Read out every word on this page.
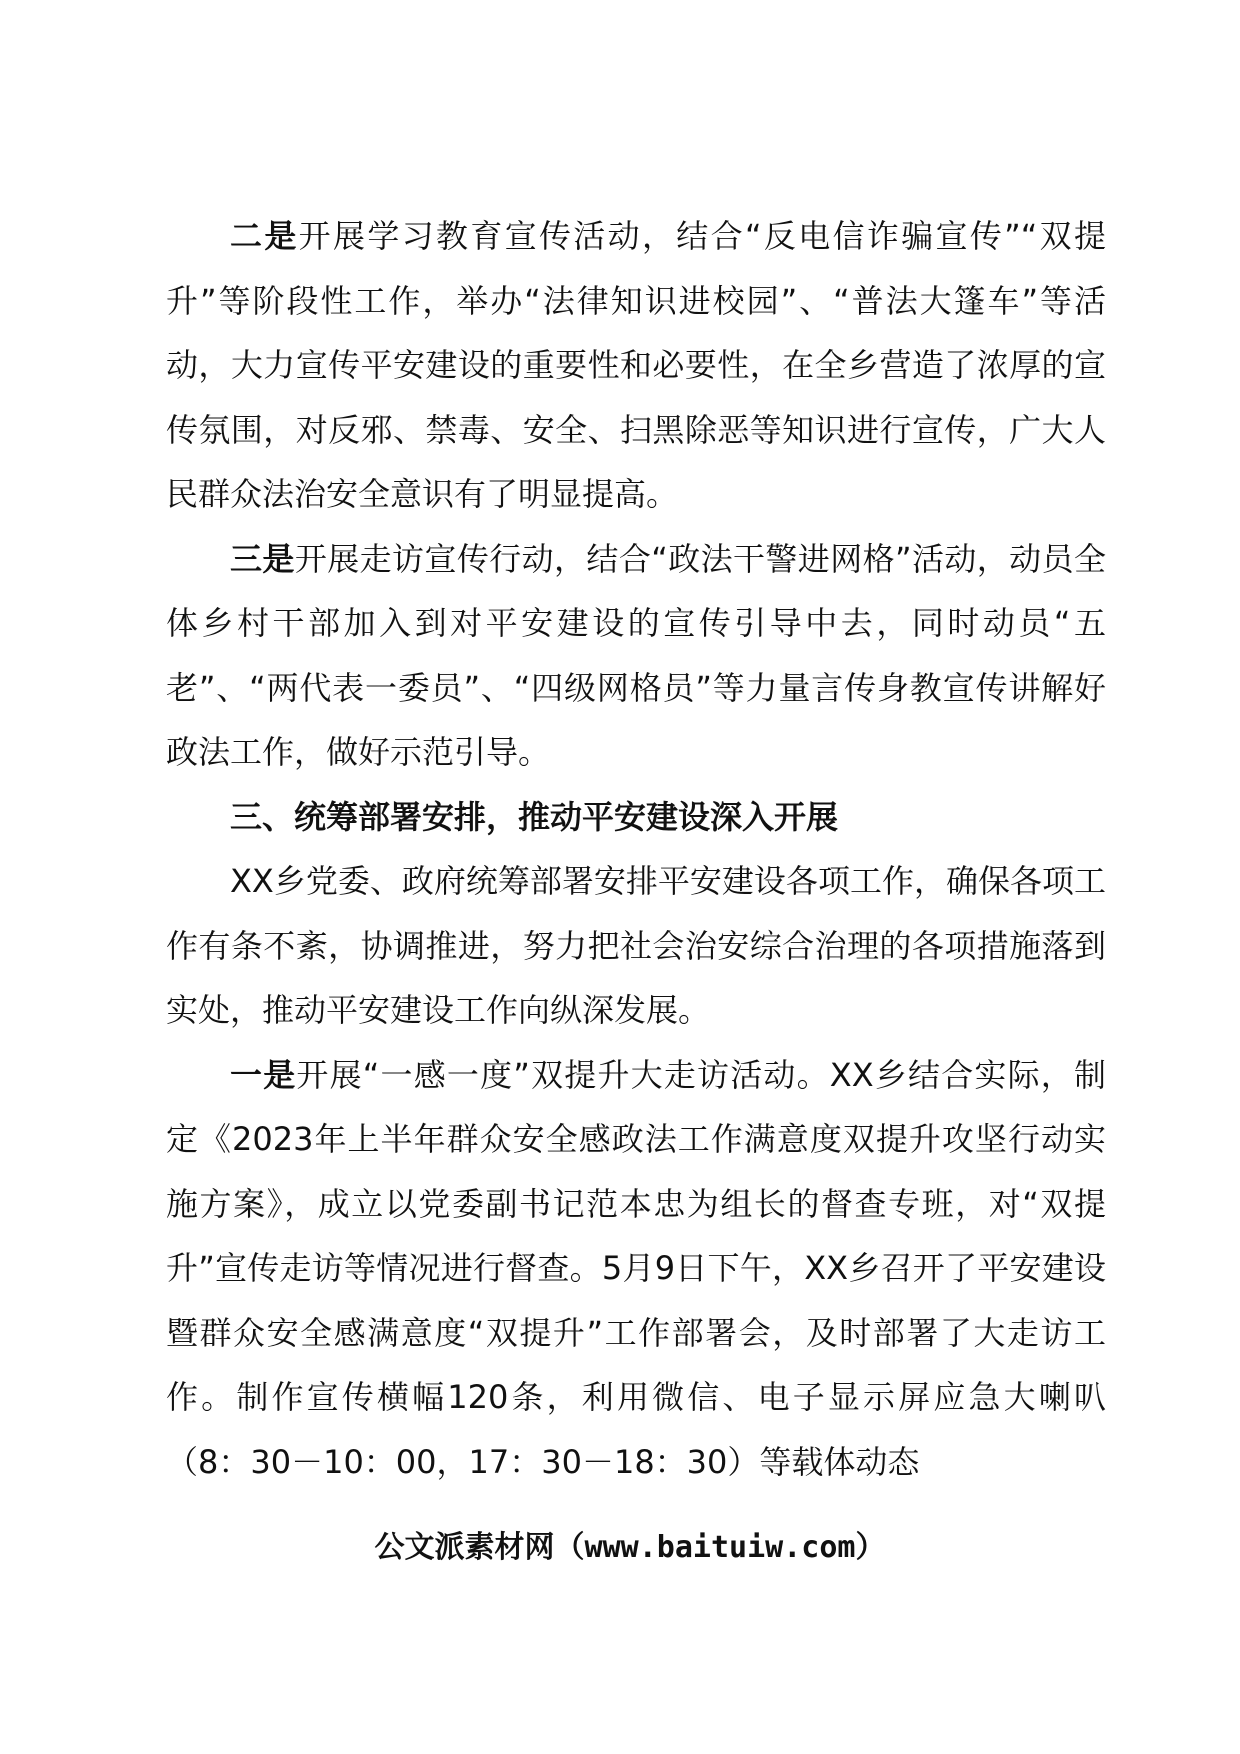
二是开展学习教育宣传活动，结合“反电信诈骗宣传”“双提升”等阶段性工作，举办“法律知识进校园”、“普法大篷车”等活动，大力宣传平安建设的重要性和必要性，在全乡营造了浓厚的宣传氛围，对反邪、禁毒、安全、扫黑除恶等知识进行宣传，广大人民群众法治安全意识有了明显提高。

三是开展走访宣传行动，结合“政法干警进网格”活动，动员全体乡村干部加入到对平安建设的宣传引导中去，同时动员“五老”、“两代表一委员”、“四级网格员”等力量言传身教宣传讲解好政法工作，做好示范引导。

三、统筹部署安排，推动平安建设深入开展

XX乡党委、政府统筹部署安排平安建设各项工作，确保各项工作有条不紊，协调推进，努力把社会治安综合治理的各项措施落到实处，推动平安建设工作向纵深发展。

一是开展“一感一度”双提升大走访活动。XX乡结合实际，制定《2023年上半年群众安全感政法工作满意度双提升攻坚行动实施方案》，成立以党委副书记范本忠为组长的督查专班，对“双提升”宣传走访等情况进行督查。5月9日下午，XX乡召开了平安建设暨群众安全感满意度“双提升”工作部署会，及时部署了大走访工作。制作宣传横幅120条，利用微信、电子显示屏应急大喇叭（8：30－10：00，17：30－18：30）等载体动态

公文派素材网（www.baituiw.com）
